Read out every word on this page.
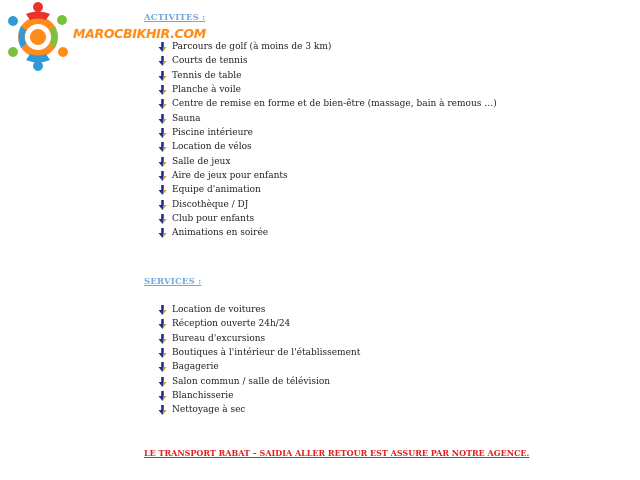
MAROCBIKHIR.COM
ACTIVITES :
Parcours de golf (à moins de 3 km)
Courts de tennis
Tennis de table
Planche à voile
Centre de remise en forme et de bien-être (massage, bain à remous …)
Sauna
Piscine intérieure
Location de vélos
Salle de jeux
Aire de jeux pour enfants
Equipe d'animation
Discothèque / DJ
Club pour enfants
Animations en soirée
SERVICES :
Location de voitures
Réception ouverte 24h/24
Bureau d'excursions
Boutiques à l'intérieur de l'établissement
Bagagerie
Salon commun / salle de télévision
Blanchisserie
Nettoyage à sec
LE TRANSPORT RABAT – SAIDIA ALLER RETOUR EST ASSURE PAR NOTRE AGENCE.
